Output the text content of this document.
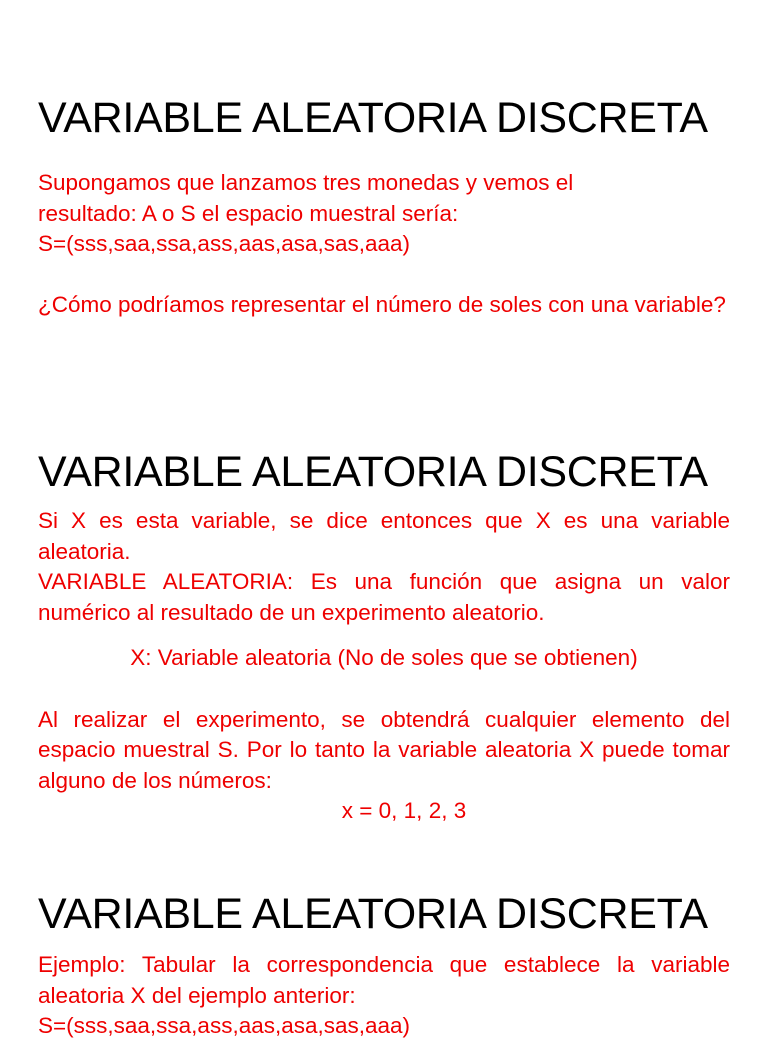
VARIABLE ALEATORIA DISCRETA

Supongamos que lanzamos tres monedas y vemos el

resultado: A o S el espacio muestral sería:

S=(sss,saa,ssa,ass,aas,asa,sas,aaa)

¿Cómo podríamos representar el número de soles con una variable?

VARIABLE ALEATORIA DISCRETA

Si X es esta variable, se dice entonces que X es una variable aleatoria.

VARIABLE ALEATORIA: Es una función que asigna un valor numérico al resultado de un experimento aleatorio.

X: Variable aleatoria (No de soles que se obtienen)

Al realizar el experimento, se obtendrá cualquier elemento del espacio muestral S. Por lo tanto la variable aleatoria X puede tomar alguno de los números:

x = 0, 1, 2, 3

VARIABLE ALEATORIA DISCRETA

Ejemplo: Tabular la correspondencia que establece la variable aleatoria X del ejemplo anterior:

S=(sss,saa,ssa,ass,aas,asa,sas,aaa)
